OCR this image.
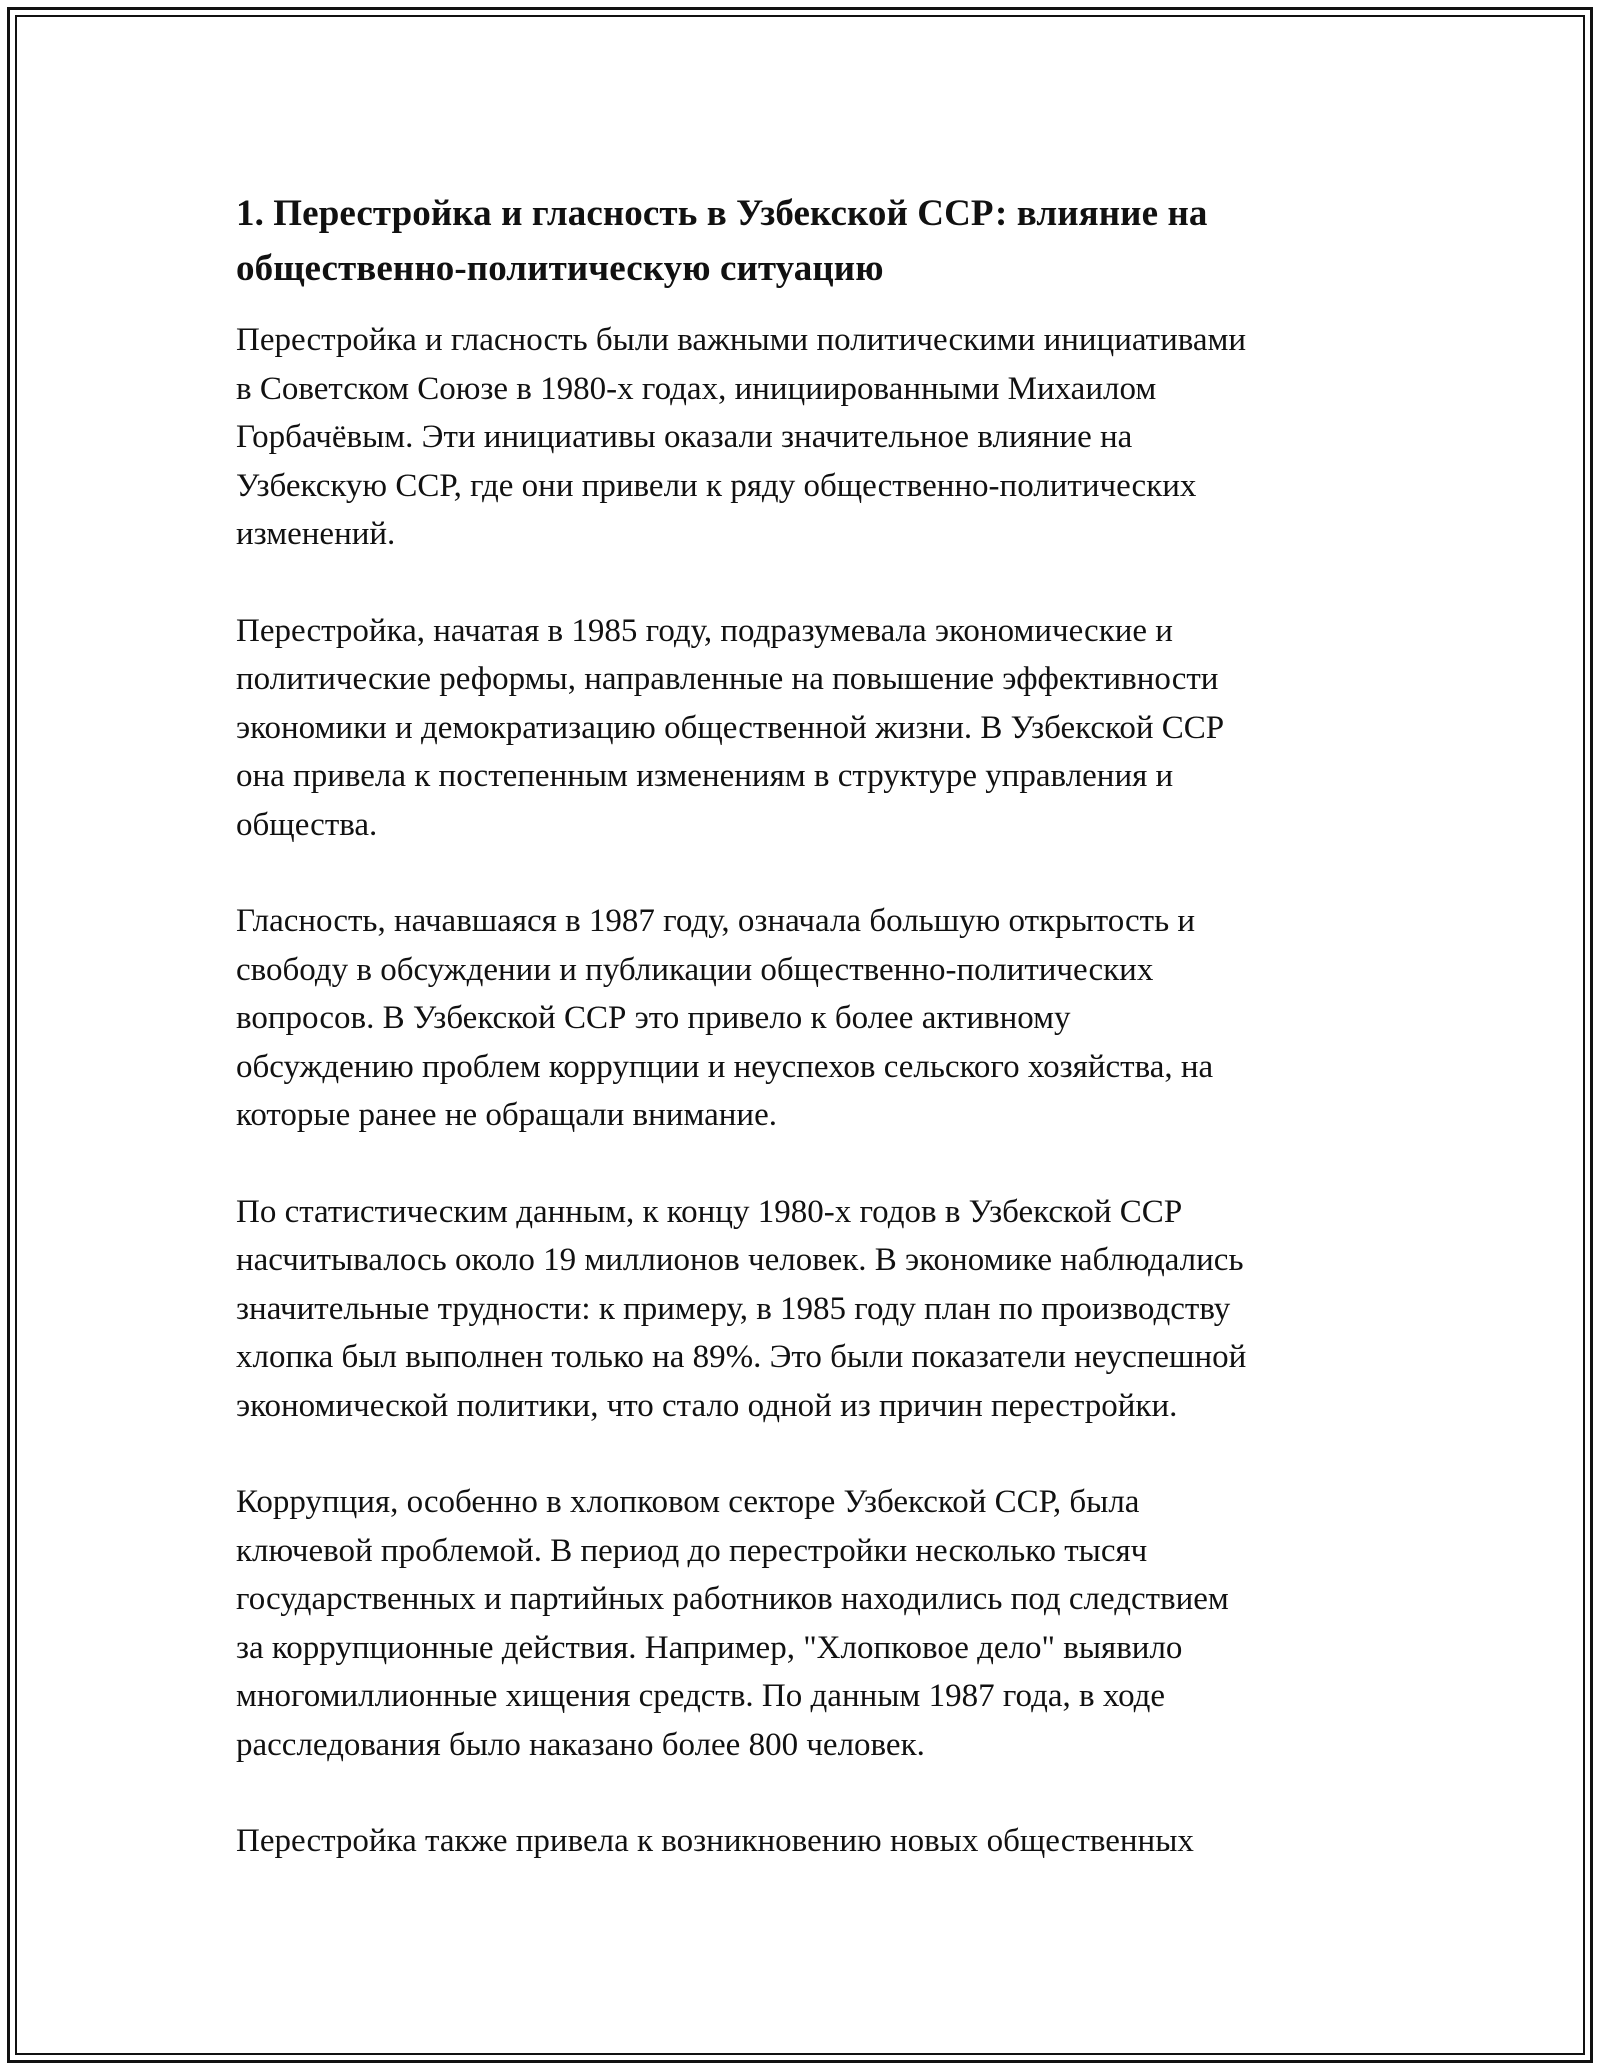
1. Перестройка и гласность в Узбекской ССР: влияние на
общественно-политическую ситуацию

Перестройка и гласность были важными политическими инициативами
в Советском Союзе в 1980-х годах, инициированными Михаилом
Горбачёвым. Эти инициативы оказали значительное влияние на
Узбекскую ССР, где они привели к ряду общественно-политических
изменений.

Перестройка, начатая в 1985 году, подразумевала экономические и
политические реформы, направленные на повышение эффективности
экономики и демократизацию общественной жизни. В Узбекской ССР
она привела к постепенным изменениям в структуре управления и
общества.

Гласность, начавшаяся в 1987 году, означала большую открытость и
свободу в обсуждении и публикации общественно-политических
вопросов. В Узбекской ССР это привело к более активному
обсуждению проблем коррупции и неуспехов сельского хозяйства, на
которые ранее не обращали внимание.

По статистическим данным, к концу 1980-х годов в Узбекской ССР
насчитывалось около 19 миллионов человек. В экономике наблюдались
значительные трудности: к примеру, в 1985 году план по производству
хлопка был выполнен только на 89%. Это были показатели неуспешной
экономической политики, что стало одной из причин перестройки.

Коррупция, особенно в хлопковом секторе Узбекской ССР, была
ключевой проблемой. В период до перестройки несколько тысяч
государственных и партийных работников находились под следствием
за коррупционные действия. Например, "Хлопковое дело" выявило
многомиллионные хищения средств. По данным 1987 года, в ходе
расследования было наказано более 800 человек.

Перестройка также привела к возникновению новых общественных
